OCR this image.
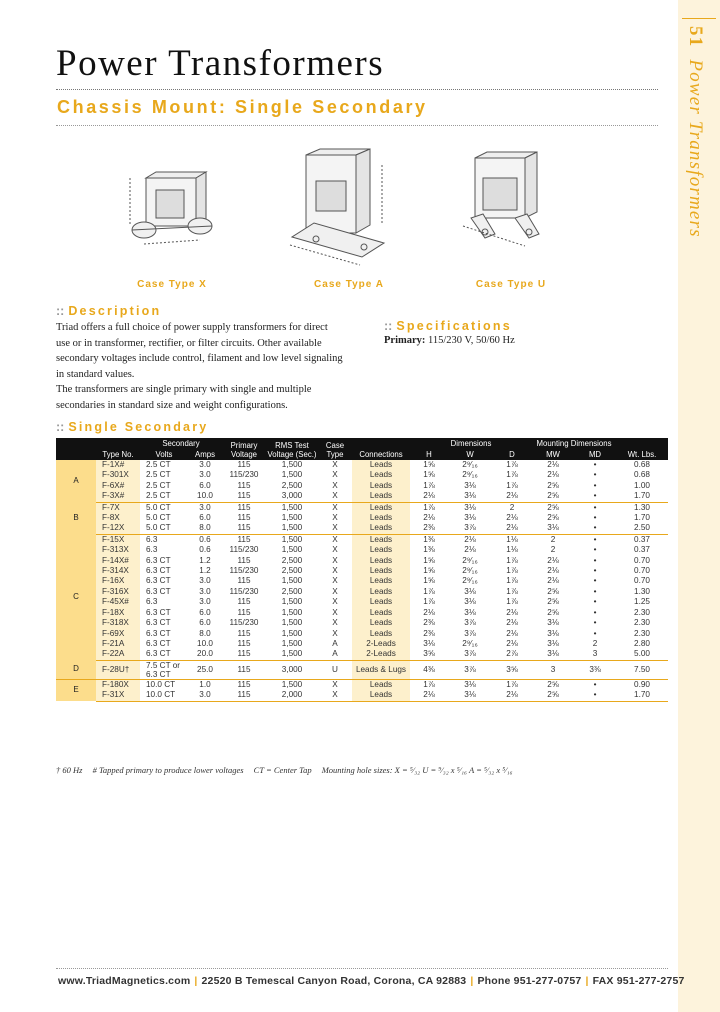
51 Power Transformers
Power Transformers
Chassis Mount: Single Secondary
Case Type X	Case Type A	Case Type U
:: Description

Triad offers a full choice of power supply transformers for direct use or in transformer, rectifier, or filter circuits. Other available secondary voltages include control, filament and low level signaling in standard values.

The transformers are single primary with single and multiple secondaries in standard size and weight configurations.

:: Specifications
Primary: 115/230 V, 50/60 Hz
:: Single Secondary
	Type No.	Secondary		Primary Voltage	RMS Test Voltage (Sec.)	Case Type	Connections	Dimensions			Mounting Dimensions		Wt. Lbs.
		Volts	Amps					H	W	D	MW	MD	
A	F-1X#	2.5 CT	3.0	115	1,500	X	Leads	1⅝	2⁹⁄₁₆	1⅞	2⅛	•	0.68
	F-301X	2.5 CT	3.0	115/230	1,500	X	Leads	1⅝	2⁹⁄₁₆	1⅞	2⅛	•	0.68
	F-6X#	2.5 CT	6.0	115	2,500	X	Leads	1⅞	3⅛	1⅞	2⅝	•	1.00
	F-3X#	2.5 CT	10.0	115	3,000	X	Leads	2⅛	3⅛	2⅛	2⅝	•	1.70
B	F-7X	5.0 CT	3.0	115	1,500	X	Leads	1⅞	3⅛	2	2⅝	•	1.30
	F-8X	5.0 CT	6.0	115	1,500	X	Leads	2⅛	3⅛	2⅛	2⅝	•	1.70
	F-12X	5.0 CT	8.0	115	1,500	X	Leads	2⅜	3⅞	2⅛	3⅛	•	2.50
C	F-15X	6.3	0.6	115	1,500	X	Leads	1⅜	2⅛	1⅛	2	•	0.37
	F-313X	6.3	0.6	115/230	1,500	X	Leads	1⅜	2⅛	1⅛	2	•	0.37
	F-14X#	6.3 CT	1.2	115	2,500	X	Leads	1⅝	2⁹⁄₁₆	1⅞	2⅛	•	0.70
	F-314X	6.3 CT	1.2	115/230	2,500	X	Leads	1⅝	2⁹⁄₁₆	1⅞	2⅛	•	0.70
	F-16X	6.3 CT	3.0	115	1,500	X	Leads	1⅝	2⁹⁄₁₆	1⅞	2⅛	•	0.70
	F-316X	6.3 CT	3.0	115/230	2,500	X	Leads	1⅞	3⅛	1⅞	2⅝	•	1.30
	F-45X#	6.3	3.0	115	1,500	X	Leads	1⅞	3⅛	1⅞	2⅝	•	1.25
	F-18X	6.3 CT	6.0	115	1,500	X	Leads	2⅛	3⅛	2⅛	2⅝	•	2.30
	F-318X	6.3 CT	6.0	115/230	1,500	X	Leads	2⅜	3⅞	2⅛	3⅛	•	2.30
	F-69X	6.3 CT	8.0	115	1,500	X	Leads	2⅜	3⅞	2⅛	3⅛	•	2.30
	F-21A	6.3 CT	10.0	115	1,500	A	2-Leads	3⅛	2⁹⁄₁₆	2⅛	3⅛	2	2.80
	F-22A	6.3 CT	20.0	115	1,500	A	2-Leads	3⅝	3⅞	2⅞	3⅛	3	5.00
D	F-28U†	7.5 CT or 6.3 CT	25.0	115	3,000	U	Leads & Lugs	4⅜	3⅞	3⅝	3	3⅜	7.50
E	F-180X	10.0 CT	1.0	115	1,500	X	Leads	1⅞	3⅛	1⅞	2⅝	•	0.90
	F-31X	10.0 CT	3.0	115	2,000	X	Leads	2⅛	3⅛	2⅛	2⅝	•	1.70
† 60 Hz # Tapped primary to produce lower voltages CT = Center Tap Mounting hole sizes: X = ⁵⁄₃₂ U = ⁹⁄₃₂ x ⁵⁄₁₆ A = ⁵⁄₃₂ x ⁵⁄₁₆
www.TriadMagnetics.com | 22520 B Temescal Canyon Road, Corona, CA 92883 | Phone 951-277-0757 | FAX 951-277-2757
